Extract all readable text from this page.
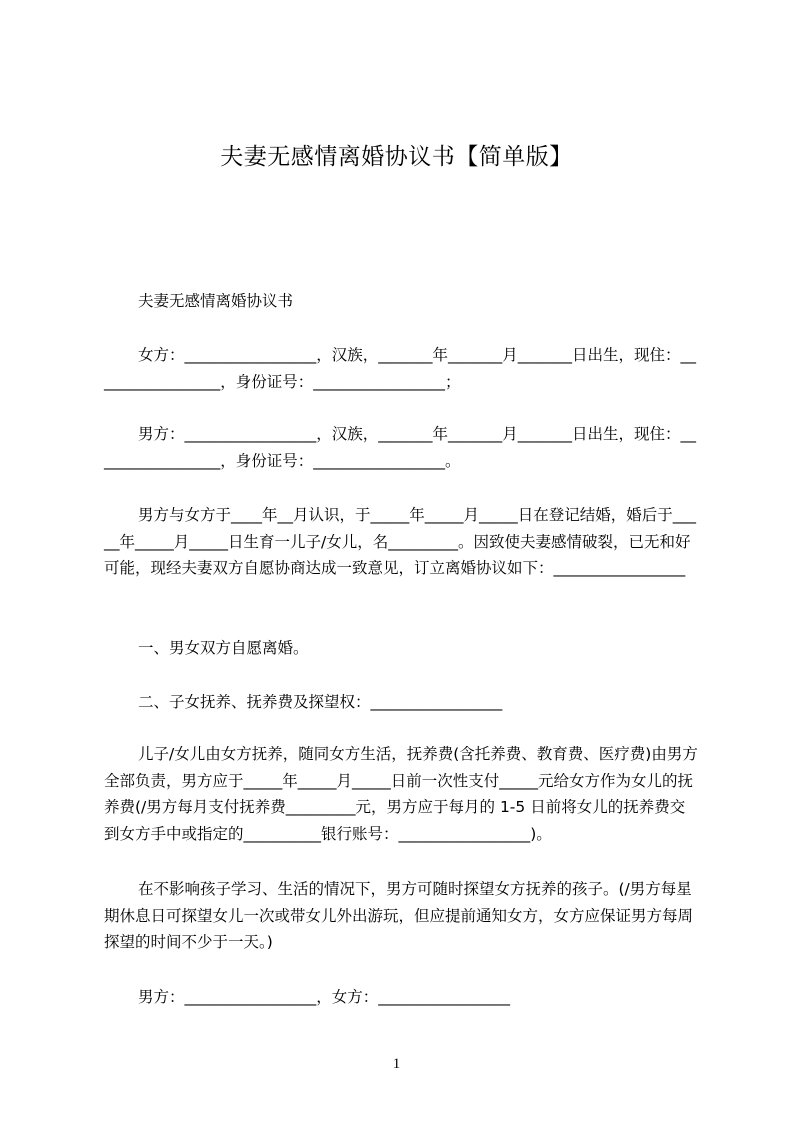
夫妻无感情离婚协议书【简单版】
夫妻无感情离婚协议书
女方：_________________，汉族，_______年_______月_______日出生，现住：_________________，身份证号：_________________；
男方：_________________，汉族，_______年_______月_______日出生，现住：_________________，身份证号：_________________。
男方与女方于____年__月认识，于_____年_____月_____日在登记结婚，婚后于_____年_____月_____日生育一儿子/女儿，名_________。因致使夫妻感情破裂，已无和好可能，现经夫妻双方自愿协商达成一致意见，订立离婚协议如下：_________________
一、男女双方自愿离婚。
二、子女抚养、抚养费及探望权：_________________
儿子/女儿由女方抚养，随同女方生活，抚养费(含托养费、教育费、医疗费)由男方全部负责，男方应于_____年_____月_____日前一次性支付_____元给女方作为女儿的抚养费(/男方每月支付抚养费_________元，男方应于每月的 1-5 日前将女儿的抚养费交到女方手中或指定的__________银行账号：_________________)。
在不影响孩子学习、生活的情况下，男方可随时探望女方抚养的孩子。(/男方每星期休息日可探望女儿一次或带女儿外出游玩，但应提前通知女方，女方应保证男方每周探望的时间不少于一天。)
男方：_________________，女方：_________________
1
